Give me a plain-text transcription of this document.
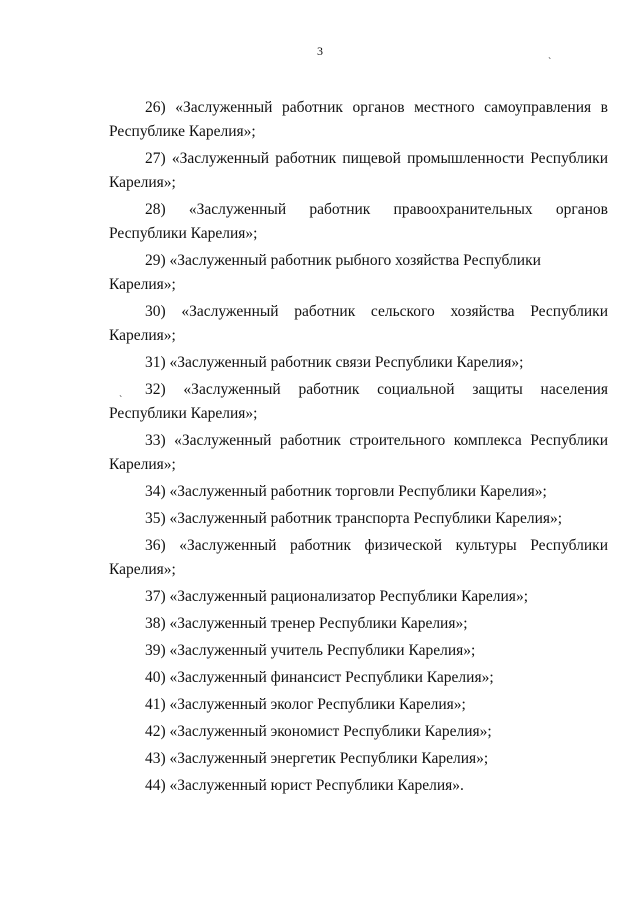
3
`
`

26) «Заслуженный работник органов местного самоуправления в Республике Карелия»;

27) «Заслуженный работник пищевой промышленности Республики Карелия»;

28) «Заслуженный работник правоохранительных органов Республики Карелия»;

29) «Заслуженный работник рыбного хозяйства Республики Карелия»;

30) «Заслуженный работник сельского хозяйства Республики Карелия»;

31) «Заслуженный работник связи Республики Карелия»;

32) «Заслуженный работник социальной защиты населения Республики Карелия»;

33) «Заслуженный работник строительного комплекса Республики Карелия»;

34) «Заслуженный работник торговли Республики Карелия»;

35) «Заслуженный работник транспорта Республики Карелия»;

36) «Заслуженный работник физической культуры Республики Карелия»;

37) «Заслуженный рационализатор Республики Карелия»;

38) «Заслуженный тренер Республики Карелия»;

39) «Заслуженный учитель Республики Карелия»;

40) «Заслуженный финансист Республики Карелия»;

41) «Заслуженный эколог Республики Карелия»;

42) «Заслуженный экономист Республики Карелия»;

43) «Заслуженный энергетик Республики Карелия»;

44) «Заслуженный юрист Республики Карелия».
